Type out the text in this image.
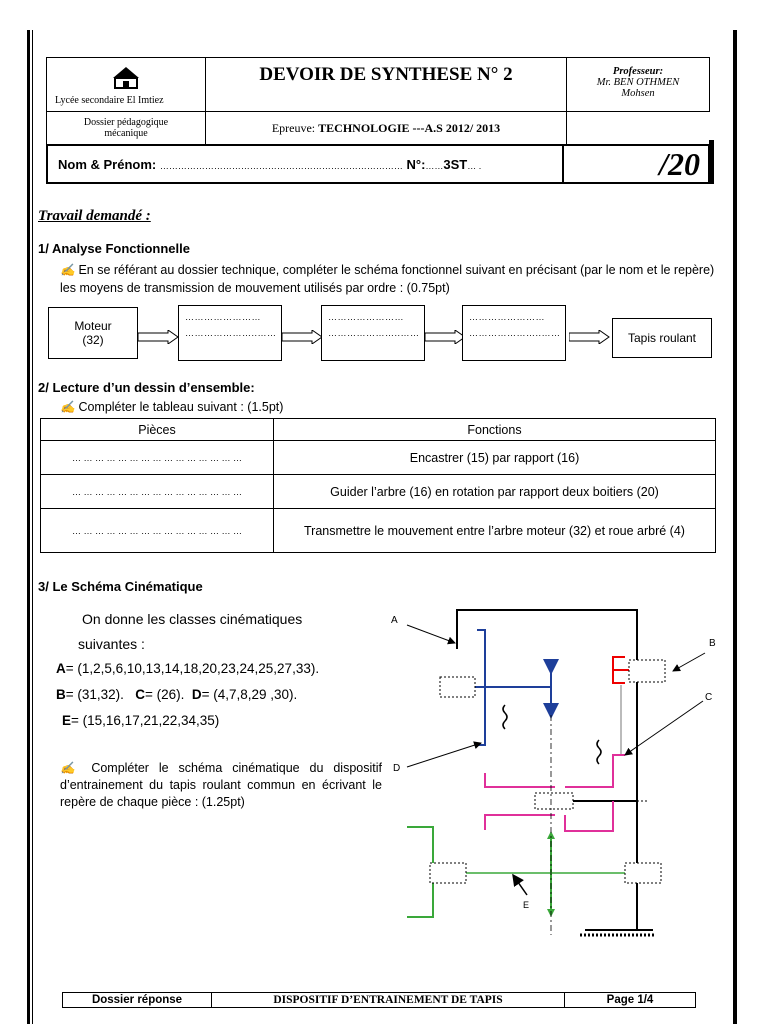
Lycée secondaire El Imtiez
DEVOIR DE SYNTHESE N° 2	Professeur:
Mr. BEN OTHMEN
Mohsen
Dossier pédagogique mécanique	Epreuve:
TECHNOLOGIE ---A.S 2012/ 2013
Nom & Prénom: ……………………………………………………………………… N°:……3ST… .	/20
Travail demandé :
1/ Analyse Fonctionnelle
✍ En se référant au dossier technique, compléter le schéma fonctionnel suivant en précisant (par le nom et le repère) les moyens de transmission de mouvement utilisés par ordre : (0.75pt)
Moteur
(32)
……………………
…………………..……
……………………
…………………..……
……………………
…………………..……	Tapis roulant
2/ Lecture d’un dessin d’ensemble:
✍ Compléter le tableau suivant : (1.5pt)
Pièces	Fonctions
… … … … … … … … … … … … … … …	Encastrer (15) par rapport (16)
… … … … … … … … … … … … … … …	Guider l’arbre (16) en rotation par rapport deux boitiers (20)
… … … … … … … … … … … … … … …	Transmettre le mouvement entre l’arbre moteur (32) et roue arbré (4)
3/ Le Schéma Cinématique
On donne les classes cinématiques
suivantes :
A= (1,2,5,6,10,13,14,18,20,23,24,25,27,33).
B= (31,32). C= (26). D= (4,7,8,29 ,30).
E= (15,16,17,21,22,34,35)
✍ Compléter le schéma cinématique du dispositif d’entrainement du tapis roulant commun en écrivant le repère de chaque pièce : (1.25pt)
A
B
C
D
E
Dossier réponse	DISPOSITIF D’ENTRAINEMENT DE TAPIS	Page 1/4
